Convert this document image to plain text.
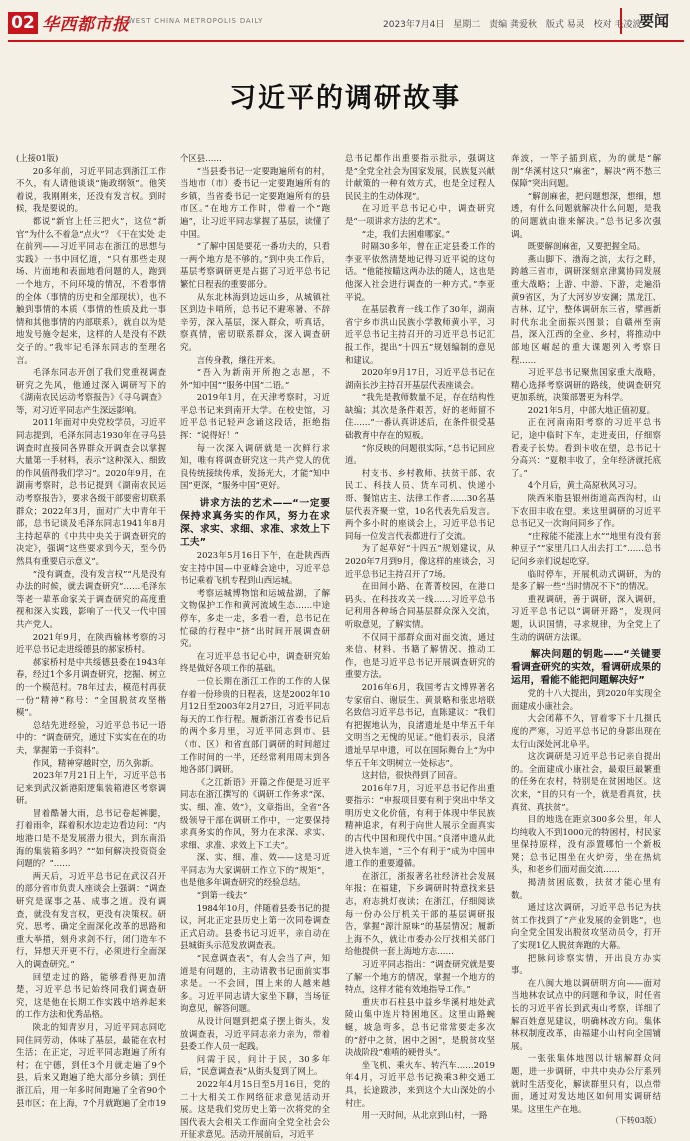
02 华西都市报
WEST CHINA METROPOLIS DAILY	2023年7月4日 星期二 责编 龚爱秋 版式 易灵 校对 毛凌波
要闻
习近平的调研故事

(上接01版)

20多年前，习近平同志到浙江工作不久，有人请他谈谈“施政纲领”。他笑着说，我刚刚来，还没有发言权。到时候，我是要说的。

都说“新官上任三把火”，这位“新官”为什么不着急“点火”？《干在实处 走在前列——习近平同志在浙江的思想与实践》一书中回忆道，“只有那些走现场、片面地和表面地看问题的人，跑到一个地方，不问环境的情况，不看事情的全体（事情的历史和全部现状），也不触到事情的本质（事情的性质及此一事情和其他事情的内部联系），就自以为是地发号施令起来，这样的人是没有不跌交子的。”我牢记毛泽东同志的至理名言。

毛泽东同志开创了我们党重视调查研究之先风，他通过深入调研写下的《湖南农民运动考察报告》《寻乌调查》等，对习近平同志产生深远影响。

2011年面对中央党校学员，习近平同志提到，毛泽东同志1930年在寻乌县调查时直接同各界群众开调查会以掌握大量第一手材料，表示“这种深入、细致的作风值得我们学习”。2020年9月，在湖南考察时，总书记提到《湖南农民运动考察报告》，要求各级干部要密切联系群众；2022年3月，面对广大中青年干部，总书记谈及毛泽东同志1941年8月主持起草的《中共中央关于调查研究的决定》，强调“这些要求到今天，至今仍然具有重要启示意义”。

“没有调查，没有发言权”“凡是没有办法的时候，就去调查研究”……毛泽东等老一辈革命家关于调查研究的高度重视和深入实践，影响了一代又一代中国共产党人。

2021年9月，在陕西榆林考察的习近平总书记走进绥德县的郝家桥村。

郝家桥村是中共绥德县委在1943年春，经过1个多月调查研究，挖掘、树立的一个模范村。78年过去，模范村再获一份“精神”称号：“全国脱贫攻坚楷模”。

总结先进经验，习近平总书记一语中的：“调查研究，通过下实实在在的功夫，掌握第一手资料”。

作风，精神穿越时空，历久弥新。

2023年7月21日上午，习近平总书记来到武汉新港阳逻集装箱港区考察调研。

冒着酷暑大雨，总书记卷起裤腿，打着雨伞，踩着积水边走边看边问：“内地港口是不是发展潜力很大，到东南沿海的集装箱多吗？”“如何解决投资资金问题的？”……

两天后，习近平总书记在武汉召开的部分省市负责人座谈会上强调：“调查研究是谋事之基、成事之道。没有调查，就没有发言权，更没有决策权。研究、思考、确定全面深化改革的思路和重大举措，刻舟求剑不行，闭门造车不行，异想天开更不行，必须进行全面深入的调查研究。”

回望走过的路，能够看得更加清楚，习近平总书记始终同我们调查研究，这是他在长期工作实践中培养起来的工作方法和优秀品格。

陕北的知青岁月，习近平同志同吃同住同劳动，体味了基层，最能在农村生活；在正定，习近平同志跑遍了所有村；在宁德，到任3个月就走遍了9个县，后来又跑遍了绝大部分乡镇；到任浙江后，用一年多时间跑遍了全省90个县市区；在上海，7个月就跑遍了全市19

个区县……

“当县委书记一定要跑遍所有的村，当地市（市）委书记一定要跑遍所有的乡镇，当省委书记一定要跑遍所有的县市区。”在地方工作时，带着一个“跑遍”，让习近平同志掌握了基层，读懂了中国。

“了解中国是要花一番功夫的，只看一两个地方是不够的。”到中央工作后，基层考察调研更是占据了习近平总书记繁忙日程表的重要部分。

从东北林海到边远山乡，从城镇社区到边卡哨所，总书记不避寒暑、不辞辛劳，深入基层，深入群众，听真话，察真情，密切联系群众，深入调查研究。

言传身教，继往开来。

“吾入为新南开所抱之志愿，不外“知中国”“服务中国”二语。”

2019年1月，在天津考察时，习近平总书记来到南开大学。在校史馆，习近平总书记轻声念诵这段话，拒绝指挥：“说得好！”

每一次深入调研就是一次鲜行求知，唯有将调查研究这一共产党人的优良传统接续传承，发扬光大，才能“知中国”更深，“服务中国”更好。

讲求方法的艺术——“一定要保持求真务实的作风，努力在求深、求实、求细、求准、求效上下工夫”

2023年5月16日下午，在赴陕西西安主持中国—中亚峰会途中，习近平总书记乘着飞机专程到山西运城。

考察运城博物馆和运城盐湖，了解文物保护工作和黄河流域生态……中途停车，多走一走，多看一看，总书记在忙碌的行程中“挤”出时间开展调查研究。

在习近平总书记心中，调查研究始终是做好各项工作的基础。

一位长期在浙江工作的工作的人保存着一份珍贵的日程表，这是2002年10月12日至2003年2月27日，习近平同志每天的工作行程。履新浙江省委书记后的两个多月里，习近平同志到市、县（市、区）和省直部门调研的时间超过工作时间的一半，还经常利用周末到各地各部门调研。

《之江新语》开篇之作便是习近平同志在浙江撰写的《调研工作务求“深、实、细、准、效”》，文章指出，全省“各级领导干部在调研工作中，一定要保持求真务实的作风，努力在求深、求实、求细、求准、求效上下工夫”。

深、实、细、准、效——这是习近平同志为大家调研工作立下的“规矩”，也是他多年调查研究的经验总结。

“到第一线去”

1984年10月，伴随着县委书记的提议，河北正定县历史上第一次同卷调查正式启动。县委书记习近平，亲自动在县城街头示范发放调查表。

“民意调查表”，有人会当了声，知道是有问题的，主动请教书记面前实事求是。一不会回，围上来的人越来越多。习近平同志请大家坐下聊，当场征询意见，解答问题。

从设计问题到把桌子摆上街头，发放调查表，习近平同志亲力亲为，带着县委工作人员一起践。

问需于民，问计于民，30多年后，“民意调查表”从街头复到了网上。

2022年4月15日至5月16日，党的二十大相关工作网络征求意见活动开展。这是我们党历史上第一次将党的全国代表大会相关工作面向全党全社会公开征求意见。活动开展前后，习近平

总书记都作出重要指示批示，强调这是“全党全社会为国家发展，民族复兴献计献策的一种有效方式，也是全过程人民民主的生动体现”。

在习近平总书记心中，调查研究是“一项讲求方法的艺术”。

“走，我们去困难哪家。”

时隔30多年，曾在正定县委工作的李亚平依然清楚地记得习近平说的这句话。“他能按瞄这两办法的随人，这也是他深入社会进行调查的一种方式。”李亚平说。

在基层教育一线工作了30年，湖南省宁乡市洪山民族小学教师黄小平，习近平总书记主持召开的习近平总书记汇报工作，提出“十四五”规划编制的意见和建议。

2020年9月17日，习近平总书记在湖南长沙主持召开基层代表座谈会。

“我先是教师数量不足，存在结构性缺编；其次是条件艰苦，好的老师留不住……”一番认真讲述后，在条件很受基础教育中存在的短板。

“你反映的问题很实际，”总书记回应道。

村支书、乡村教师、扶贫干部、农民工、科技人员、货车司机、快递小哥、餐馆店主、法律工作者……30名基层代表齐聚一堂，10名代表先后发言。两个多小时的座谈会上，习近平总书记同每一位发言代表都进行了交流。

为了起草好“十四五”规划建议，从2020年7月到9月，像这样的座谈会，习近平总书记主持召开了7场。

在田间小路、在菁菁校园，在港口码头、在科技攻关一线……习近平总书记利用各种场合同基层群众深入交流，听取意见，了解实情。

不仅同干部群众面对面交流，通过来信、材料、书籍了解情况、推动工作，也是习近平总书记开展调查研究的重要方法。

2016年6月，我国考古文博界著名专家宿白、谢辰生、黄景略和张忠培联名致信习近平总书记，直陈建议：“我们有把握地认为，良渚遗址是中华五千年文明当之无愧的见证。”他们表示，良渚遗址早早申遗，可以在国际舞台上“为中华五千年文明树立一处标志”。

这封信，很快得到了回音。

2016年7月，习近平总书记作出重要指示：“申报项目要有利于突出中华文明历史文化价值，有利于体现中华民族精神追求，有利于向世人展示全面真实的古代中国和现代中国。”良渚申遗从此进入快车道，“三个有利于”成为中国申遗工作的重要遵循。

在浙江，浙报著名社经济社会发展年报；在福建，下乡调研时特意找来县志，府志挑灯夜读；在浙江，仔细阅读每一份办公厅机关干部的基层调研报告，掌握“源汁原味”的基层情况；履新上海不久，就让市委办公厅找相关部门给他提供一套上海地方志……

习近平同志指出：“调查研究就是要了解一个地方的情况，掌握一个地方的特点，这样才能有效地指导工作。”

重庆市石柱县中益乡华溪村地处武陵山集中连片特困地区。这里山路蜿蜒，坡急弯多，总书记常常要走多次的“舒中之贫，困中之困”，是脱贫攻坚决战阶段“难啃的硬骨头”。

坐飞机、乘火车、转汽车……2019年4月，习近平总书记换乘3种交通工具，长途跋涉，来到这个大山深处的小村庄。

用一天时间，从北京到山村，一路

奔波，一竿子插到底，为的就是“解剖”华溪村这只“麻雀”，解决“两不愁三保障”突出问题。

“解剖麻雀，把问题想深，想细，想透，有什么问题就解决什么问题，是我的问题就由谁来解决。”总书记多次强调。

既要解剖麻雀，又要把握全局。

燕山脚下、渤海之滨，太行之畔，跨越三省市，调研深刻京津冀协同发展重大战略；上游、中游、下游，走遍沿黄9省区，为了大河岁岁安澜；黑龙江、吉林、辽宁，整体调研东三省，擘画新时代东北全面振兴图景；自赣州至南昌，深入江西的全业、乡村，将推动中部地区崛起的重大课题列入考察日程……

习近平总书记聚焦国家重大战略，精心选择考察调研的路线，使调查研究更加系统，决策部署更为科学。

2021年5月，中部大地正值初夏。

正在河南南阳考察的习近平总书记，途中临时下车，走进麦田，仔细察看麦子长势。看到卡收在望，总书记十分高兴：“夏粮丰收了，全年经济就托底了。”

4个月后，黄土高原秋风习习。

陕西米脂县银州街道高西沟村，山下农田丰收在望。来这里调研的习近平总书记又一次询问同乡了作。

“庄稼能不能涨上水”“地里有没有套种豆子”“家里几口人出去打工”……总书记问乡亲们说起吃穿。

临时停车，开展机动式调研，为的是多了解一些“当时情况不下”的情况。

重视调研，善于调研，深入调研，习近平总书记以“调研开路”，发现问题，认识国情，寻求规律，为全党上了生动的调研方法课。

解决问题的钥匙——“关键要看调查研究的实效，看调研成果的运用，看能不能把问题解决好”

党的十八大提出，到2020年实现全面建成小康社会。

大会闭幕不久，冒着零下十几摄氏度的严寒，习近平总书记的身影出现在太行山深处河北阜平。

这次调研是习近平总书记亲自提出的。全面建成小康社会，最艰巨最繁重的任务在农村，特别是在贫困地区。这次来，“目的只有一个，就是看真贫，扶真贫、真扶贫”。

目的地选在距京300多公里，年人均纯收入不到1000元的特困村，村民家里保持原样，没有添置哪怕一个新板凳；总书记围坐在火炉旁，坐在热炕头，和老乡们面对面交流……

揭清贫困底数，扶贫才能心里有数。

通过这次调研，习近平总书记为扶贫工作找到了“产业发展的金钥匙”，也向全党全国发出脱贫攻坚动员令，打开了实现1亿人脱贫奔跑的大幕。

把脉问诊察实情，开出良方办实事。

在八闽大地以调研明方向——面对当地林农试点中的问题和争议，时任省长的习近平省长到武夷山考察，详细了解百姓意见建议，明确林改方向。集体林权制度改革，由福建小山村向全国铺展。

一张张集体地图以计辖解群众问题，进一步调研，中共中央办公厅系列就时生活变化，解读群里只有，以点带面，通过对发达地区如何用实调研结果。这里生产在地。

（下转03版）
